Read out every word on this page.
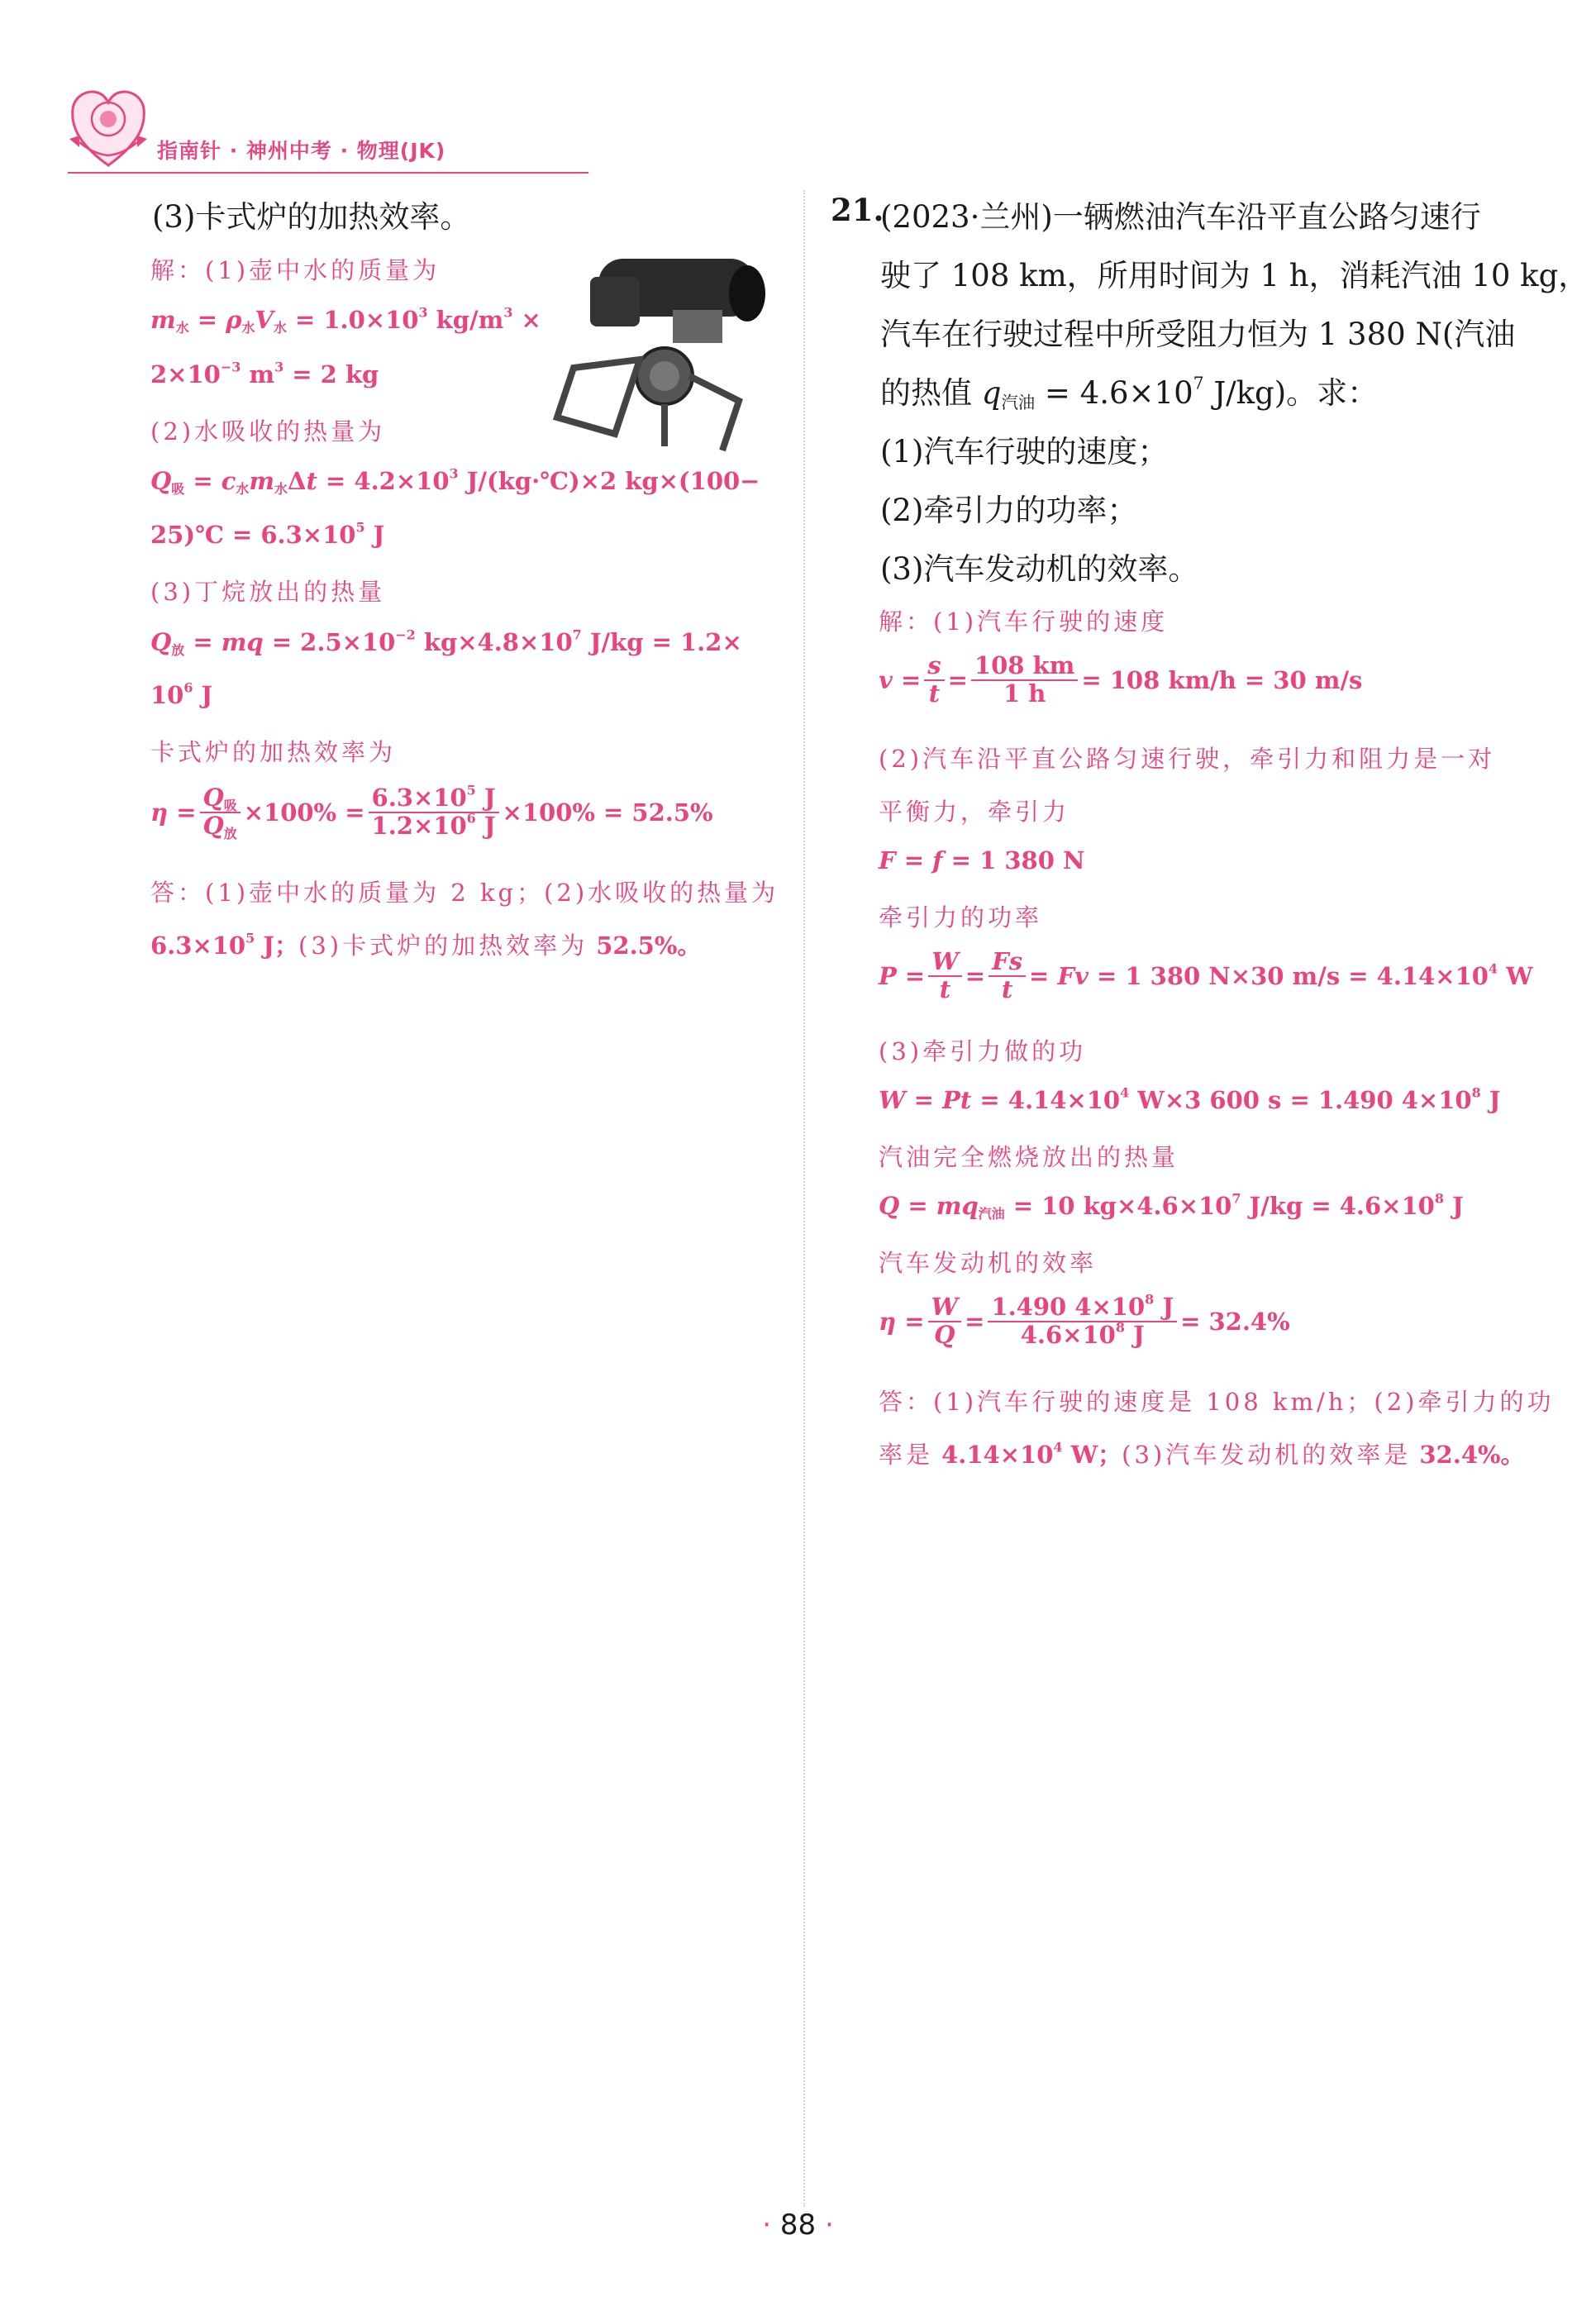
指南针 · 神州中考 · 物理(JK)
(3)卡式炉的加热效率。
解：(1)壶中水的质量为
$m_水 = \rho_水V_水 = 1.0\times 10^3$ $kg/m^3$ ×
$2\times 10^{-3}$ $m^3 = 2$ kg
(2)水吸收的热量为
$Q_吸 = c_水m_水\Delta t = 4.2\times 10^3$ J/(kg·℃)×2 kg×(100−
25)℃ = $6.3\times 10^5$ J
(3)丁烷放出的热量
$Q_放$ = mq = $2.5\times 10^{-2}$ $kg\times 4.8\times 10^7$ J/kg = 1.2×
$10^6$ J
卡式炉的加热效率为
$\eta = \frac{Q_吸}{Q_放} \times 100\% = \frac{6.3\times 10^5 J}{1.2\times 10^6 J} \times 100\% = 52.5\%$
答：(1)壶中水的质量为 2 kg；(2)水吸收的热量为
$6.3\times 10^5$ J；(3)卡式炉的加热效率为 52.5%。
21.
(2023·兰州)一辆燃油汽车沿平直公路匀速行
驶了 108 km，所用时间为 1 h，消耗汽油 10 kg，
汽车在行驶过程中所受阻力恒为 1 380 N(汽油
的热值 $q_{汽油} = 4.6\times 10^7$ J/kg)。求：
(1)汽车行驶的速度；
(2)牵引力的功率；
(3)汽车发动机的效率。
解：(1)汽车行驶的速度
$v = \frac{s}{t} = \frac{108 km}{1 h} = 108$ km/h = 30 m/s
(2)汽车沿平直公路匀速行驶，牵引力和阻力是一对
平衡力，牵引力
F = f = 1 380 N
牵引力的功率
$P = \frac{W}{t} = \frac{Fs}{t} = Fv = 1$ 380 N×30 $m/s = 4.14\times 10^4$ W
(3)牵引力做的功
$W = Pt = 4.14\times 10^4$ W×3 600 s = 1.490 $4\times 10^8$ J
汽油完全燃烧放出的热量
$Q = mq_{汽油} = 10$ $kg\times 4.6\times 10^7$ $J/kg = 4.6\times 10^8$ J
汽车发动机的效率
$\eta = \frac{W}{Q} = \frac{1.490 4\times 10^8 J}{4.6\times 10^8 J} = 32.4\%$
答：(1)汽车行驶的速度是 108 km/h；(2)牵引力的功
率是 $4.14\times 10^4$ W；(3)汽车发动机的效率是 32.4%。
· 88 ·
